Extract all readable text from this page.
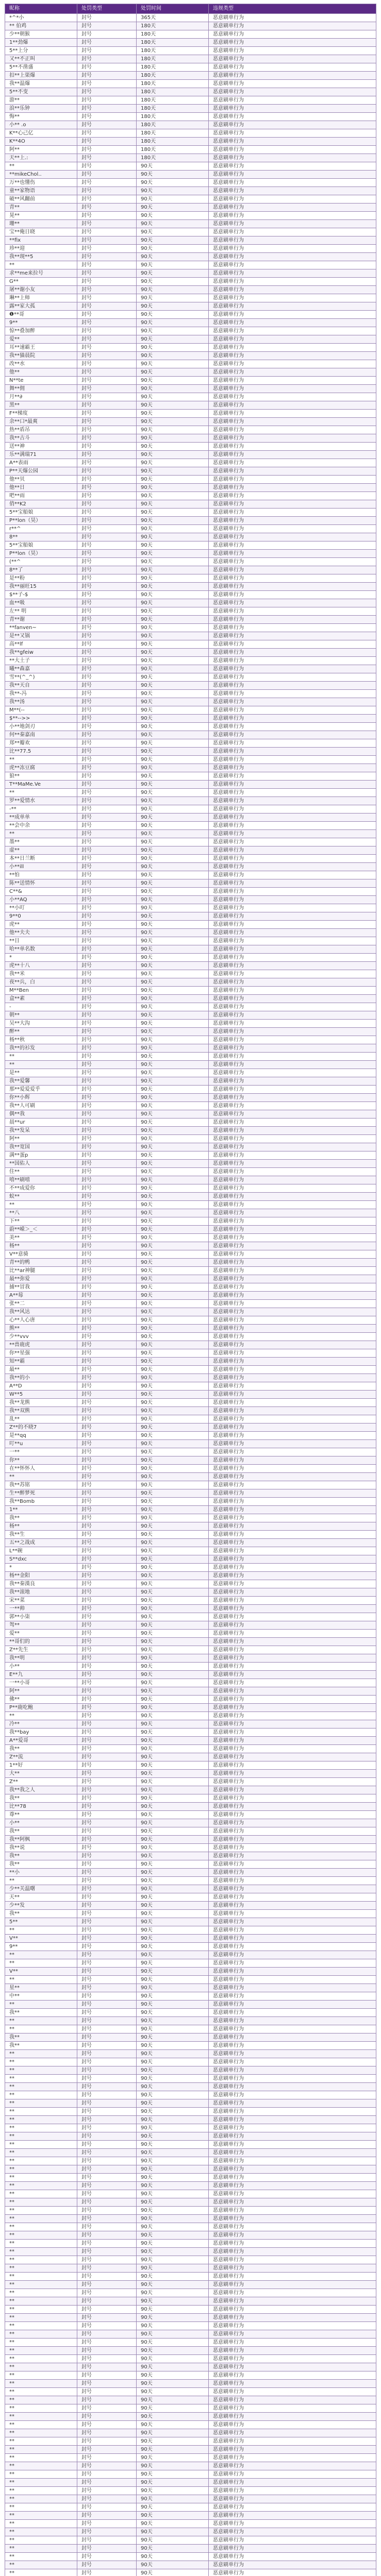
昵称	处罚类型	处罚时间	违规类型
*^*小	封号	365天	恶意刷单行为
** 伯鸡	封号	180天	恶意刷单行为
少**朝猴	封号	180天	恶意刷单行为
1**劲爆	封号	180天	恶意刷单行为
5**上分	封号	180天	恶意刷单行为
又**不正叫	封号	180天	恶意刷单行为
5**不凿盛	封号	180天	恶意刷单行为
扣**上渠爆	封号	180天	恶意刷单行为
我**温爆	封号	180天	恶意刷单行为
5**不变	封号	180天	恶意刷单行为
游**	封号	180天	恶意刷单行为
浪**乐钟	封号	180天	恶意刷单行为
悔**	封号	180天	恶意刷单行为
小** .o	封号	180天	恶意刷单行为
K**心己亿	封号	180天	恶意刷单行为
K**4O	封号	180天	恶意刷单行为
阿**	封号	180天	恶意刷单行为
天**上.:	封号	180天	恶意刷单行为
**	封号	90天	恶意刷单行为
**mikeChol..	封号	90天	恶意刷单行为
万**也懂伤	封号	90天	恶意刷单行为
童**家物语	封号	90天	恶意刷单行为
破**风翻前	封号	90天	恶意刷单行为
青**	封号	90天	恶意刷单行为
晃**	封号	90天	恶意刷单行为
珊**	封号	90天	恶意刷单行为
宝**俺日晓	封号	90天	恶意刷单行为
**fix	封号	90天	恶意刷单行为
珍**迎	封号	90天	恶意刷单行为
我**现**5	封号	90天	恶意刷单行为
**	封号	90天	恶意刷单行为
求**me来拉号	封号	90天	恶意刷单行为
G**	封号	90天	恶意刷单行为
屠**谢小友	封号	90天	恶意刷单行为
琳**上师	封号	90天	恶意刷单行为
露**家大孤	封号	90天	恶意刷单行为
❶**哥	封号	90天	恶意刷单行为
9**	封号	90天	恶意刷单行为
惊**叠加醉	封号	90天	恶意刷单行为
爱**	封号	90天	恶意刷单行为
耳**速霸王	封号	90天	恶意刷单行为
我**猫晨院	封号	90天	恶意刷单行为
改**水	封号	90天	恶意刷单行为
他**	封号	90天	恶意刷单行为
N**te	封号	90天	恶意刷单行为
舞**佣	封号	90天	恶意刷单行为
月**∂	封号	90天	恶意刷单行为
黑**	封号	90天	恶意刷单行为
F**梯度	封号	90天	恶意刷单行为
余**口*最爽	封号	90天	恶意刷单行为
热**盾吊	封号	90天	恶意刷单行为
我**古斗	封号	90天	恶意刷单行为
送**神	封号	90天	恶意刷单行为
乐**满瑞71	封号	90天	恶意刷单行为
A**表雨	封号	90天	恶意刷单行为
P**天爆公园	封号	90天	恶意刷单行为
他**贝	封号	90天	恶意刷单行为
他**日	封号	90天	恶意刷单行为
吧**雨	封号	90天	恶意刷单行为
俏**K2	封号	90天	恶意刷单行为
5**宝船娘	封号	90天	恶意刷单行为
P**lon（昊）	封号	90天	恶意刷单行为
r**^	封号	90天	恶意刷单行为
8**	封号	90天	恶意刷单行为
5**宝船娘	封号	90天	恶意刷单行为
P**lon（昊）	封号	90天	恶意刷单行为
(**^	封号	90天	恶意刷单行为
8**了	封号	90天	恶意刷单行为
是**粉	封号	90天	恶意刷单行为
我**丽旺15	封号	90天	恶意刷单行为
$**子-$	封号	90天	恶意刷单行为
血**吸	封号	90天	恶意刷单行为
左** 明	封号	90天	恶意刷单行为
青**谢	封号	90天	恶意刷单行为
**fanven~	封号	90天	恶意刷单行为
是**又锅	封号	90天	恶意刷单行为
高**lf	封号	90天	恶意刷单行为
我**gfeiw	封号	90天	恶意刷单行为
**大土子	封号	90天	恶意刷单行为
曦**森嘉	封号	90天	恶意刷单行为
雪**(^_^)	封号	90天	恶意刷单行为
我**天自	封号	90天	恶意刷单行为
我**-冯	封号	90天	恶意刷单行为
我**汤	封号	90天	恶意刷单行为
M**(--	封号	90天	恶意刷单行为
$**-->>	封号	90天	恶意刷单行为
小**地剑刃	封号	90天	恶意刷单行为
何**秦嘉南	封号	90天	恶意刷单行为
郑**瓣欢	封号	90天	恶意刷单行为
比**77.5	封号	90天	恶意刷单行为
**	封号	90天	恶意刷单行为
虎**冻豆腐	封号	90天	恶意刷单行为
狼**	封号	90天	恶意刷单行为
T**MaMe.Ve	封号	90天	恶意刷单行为
**	封号	90天	恶意刷单行为
罗**爱情水	封号	90天	恶意刷单行为
-**	封号	90天	恶意刷单行为
**成单单	封号	90天	恶意刷单行为
**会中余	封号	90天	恶意刷单行为
**	封号	90天	恶意刷单行为
墨**	封号	90天	恶意刷单行为
虚**	封号	90天	恶意刷单行为
本**日兰断	封号	90天	恶意刷单行为
小**ill	封号	90天	恶意刷单行为
**怕	封号	90天	恶意刷单行为
陈**送情怀	封号	90天	恶意刷单行为
C**&	封号	90天	恶意刷单行为
小**AQ	封号	90天	恶意刷单行为
**小叮	封号	90天	恶意刷单行为
9**0	封号	90天	恶意刷单行为
虎**	封号	90天	恶意刷单行为
他**夫夫	封号	90天	恶意刷单行为
**日	封号	90天	恶意刷单行为
哈**单名数	封号	90天	恶意刷单行为
*	封号	90天	恶意刷单行为
虎**十八	封号	90天	恶意刷单行为
我**米	封号	90天	恶意刷单行为
夜**兵，白	封号	90天	恶意刷单行为
M**Ben	封号	90天	恶意刷单行为
盒**素	封号	90天	恶意刷单行为
-	封号	90天	恶意刷单行为
朝**	封号	90天	恶意刷单行为
吴**大沟	封号	90天	恶意刷单行为
醉**	封号	90天	恶意刷单行为
杨**秋	封号	90天	恶意刷单行为
我**的衫发	封号	90天	恶意刷单行为
**	封号	90天	恶意刷单行为
**	封号	90天	恶意刷单行为
是**	封号	90天	恶意刷单行为
我**爱馨	封号	90天	恶意刷单行为
那**爱爱爱乎	封号	90天	恶意刷单行为
你**小辉	封号	90天	恶意刷单行为
我**人可刷	封号	90天	恶意刷单行为
偶**我	封号	90天	恶意刷单行为
晨**ur	封号	90天	恶意刷单行为
我**发呆	封号	90天	恶意刷单行为
阿**	封号	90天	恶意刷单行为
我**宽国	封号	90天	恶意刷单行为
满**蛋p	封号	90天	恶意刷单行为
**国佑人	封号	90天	恶意刷单行为
住**	封号	90天	恶意刷单行为
嘻**刷嘻	封号	90天	恶意刷单行为
不**成爱你	封号	90天	恶意刷单行为
蚁**	封号	90天	恶意刷单行为
**	封号	90天	恶意刷单行为
**八	封号	90天	恶意刷单行为
下**	封号	90天	恶意刷单行为
蔚**嵘＞_＜	封号	90天	恶意刷单行为
美**	封号	90天	恶意刷单行为
杨**	封号	90天	恶意刷单行为
V**意骑	封号	90天	恶意刷单行为
青**的鸭	封号	90天	恶意刷单行为
比**ar神腿	封号	90天	恶意刷单行为
最**弥爱	封号	90天	恶意刷单行为
捕**冒我	封号	90天	恶意刷单行为
A**莓	封号	90天	恶意刷单行为
张**二	封号	90天	恶意刷单行为
我**风达	封号	90天	恶意刷单行为
心**人心唐	封号	90天	恶意刷单行为
熊**	封号	90天	恶意刷单行为
少**vvv	封号	90天	恶意刷单行为
**兽鹿虎	封号	90天	恶意刷单行为
你**星强	封号	90天	恶意刷单行为
知**霸	封号	90天	恶意刷单行为
最**	封号	90天	恶意刷单行为
我**的小	封号	90天	恶意刷单行为
A**D	封号	90天	恶意刷单行为
W**5	封号	90天	恶意刷单行为
我**龙熊	封号	90天	恶意刷单行为
我**双熊	封号	90天	恶意刷单行为
乱**	封号	90天	恶意刷单行为
Z**的不晓7	封号	90天	恶意刷单行为
是**qq	封号	90天	恶意刷单行为
叮**u	封号	90天	恶意刷单行为
一**	封号	90天	恶意刷单行为
你**	封号	90天	恶意刷单行为
在**怀怀人	封号	90天	恶意刷单行为
**	封号	90天	恶意刷单行为
我**苏铭	封号	90天	恶意刷单行为
生**醉梦死	封号	90天	恶意刷单行为
我**Bomb	封号	90天	恶意刷单行为
1**	封号	90天	恶意刷单行为
我**	封号	90天	恶意刷单行为
杨**	封号	90天	恶意刷单行为
我**生	封号	90天	恶意刷单行为
五**之战成	封号	90天	恶意刷单行为
L**碗	封号	90天	恶意刷单行为
S**dxc	封号	90天	恶意刷单行为
*	封号	90天	恶意刷单行为
杨**金阳	封号	90天	恶意刷单行为
我**秦漢良	封号	90天	恶意刷单行为
我**滚地	封号	90天	恶意刷单行为
宋**菜	封号	90天	恶意刷单行为
一**帅	封号	90天	恶意刷单行为
郭**小柒	封号	90天	恶意刷单行为
驾**	封号	90天	恶意刷单行为
爱**	封号	90天	恶意刷单行为
**哥们的	封号	90天	恶意刷单行为
Z**先生	封号	90天	恶意刷单行为
我**明	封号	90天	恶意刷单行为
小**	封号	90天	恶意刷单行为
E**九	封号	90天	恶意刷单行为
一**小哥	封号	90天	恶意刷单行为
阿**	封号	90天	恶意刷单行为
佛**	封号	90天	恶意刷单行为
P**鹿吃鲍	封号	90天	恶意刷单行为
**	封号	90天	恶意刷单行为
冷**	封号	90天	恶意刷单行为
我**bay	封号	90天	恶意刷单行为
A**爱哥	封号	90天	恶意刷单行为
我**	封号	90天	恶意刷单行为
Z**流	封号	90天	恶意刷单行为
1**好	封号	90天	恶意刷单行为
大**	封号	90天	恶意刷单行为
Z**	封号	90天	恶意刷单行为
我**我之人	封号	90天	恶意刷单行为
我**	封号	90天	恶意刷单行为
比**78	封号	90天	恶意刷单行为
尊**	封号	90天	恶意刷单行为
小**	封号	90天	恶意刷单行为
我**	封号	90天	恶意刷单行为
我**阿枫	封号	90天	恶意刷单行为
我**说	封号	90天	恶意刷单行为
我**	封号	90天	恶意刷单行为
我**	封号	90天	恶意刷单行为
**小	封号	90天	恶意刷单行为
**	封号	90天	恶意刷单行为
少**关温曙	封号	90天	恶意刷单行为
天**	封号	90天	恶意刷单行为
少**发	封号	90天	恶意刷单行为
我**	封号	90天	恶意刷单行为
5**	封号	90天	恶意刷单行为
**	封号	90天	恶意刷单行为
V**	封号	90天	恶意刷单行为
9**	封号	90天	恶意刷单行为
**	封号	90天	恶意刷单行为
**	封号	90天	恶意刷单行为
V**	封号	90天	恶意刷单行为
**	封号	90天	恶意刷单行为
星**	封号	90天	恶意刷单行为
中**	封号	90天	恶意刷单行为
**	封号	90天	恶意刷单行为
我**	封号	90天	恶意刷单行为
**	封号	90天	恶意刷单行为
**	封号	90天	恶意刷单行为
我**	封号	90天	恶意刷单行为
我**	封号	90天	恶意刷单行为
**	封号	90天	恶意刷单行为
**	封号	90天	恶意刷单行为
**	封号	90天	恶意刷单行为
**	封号	90天	恶意刷单行为
**	封号	90天	恶意刷单行为
**	封号	90天	恶意刷单行为
**	封号	90天	恶意刷单行为
**	封号	90天	恶意刷单行为
**	封号	90天	恶意刷单行为
**	封号	90天	恶意刷单行为
**	封号	90天	恶意刷单行为
**	封号	90天	恶意刷单行为
**	封号	90天	恶意刷单行为
**	封号	90天	恶意刷单行为
**	封号	90天	恶意刷单行为
**	封号	90天	恶意刷单行为
**	封号	90天	恶意刷单行为
**	封号	90天	恶意刷单行为
**	封号	90天	恶意刷单行为
**	封号	90天	恶意刷单行为
**	封号	90天	恶意刷单行为
**	封号	90天	恶意刷单行为
**	封号	90天	恶意刷单行为
**	封号	90天	恶意刷单行为
**	封号	90天	恶意刷单行为
**	封号	90天	恶意刷单行为
**	封号	90天	恶意刷单行为
**	封号	90天	恶意刷单行为
**	封号	90天	恶意刷单行为
**	封号	90天	恶意刷单行为
**	封号	90天	恶意刷单行为
**	封号	90天	恶意刷单行为
**	封号	90天	恶意刷单行为
**	封号	90天	恶意刷单行为
**	封号	90天	恶意刷单行为
**	封号	90天	恶意刷单行为
**	封号	90天	恶意刷单行为
**	封号	90天	恶意刷单行为
**	封号	90天	恶意刷单行为
**	封号	90天	恶意刷单行为
**	封号	90天	恶意刷单行为
**	封号	90天	恶意刷单行为
**	封号	90天	恶意刷单行为
**	封号	90天	恶意刷单行为
**	封号	90天	恶意刷单行为
**	封号	90天	恶意刷单行为
**	封号	90天	恶意刷单行为
**	封号	90天	恶意刷单行为
**	封号	90天	恶意刷单行为
**	封号	90天	恶意刷单行为
**	封号	90天	恶意刷单行为
**	封号	90天	恶意刷单行为
**	封号	90天	恶意刷单行为
**	封号	90天	恶意刷单行为
**	封号	90天	恶意刷单行为
**	封号	90天	恶意刷单行为
**	封号	90天	恶意刷单行为
**	封号	90天	恶意刷单行为
**	封号	90天	恶意刷单行为
**	封号	90天	恶意刷单行为
**	封号	90天	恶意刷单行为
**	封号	90天	恶意刷单行为
**	封号	90天	恶意刷单行为
**	封号	90天	恶意刷单行为
